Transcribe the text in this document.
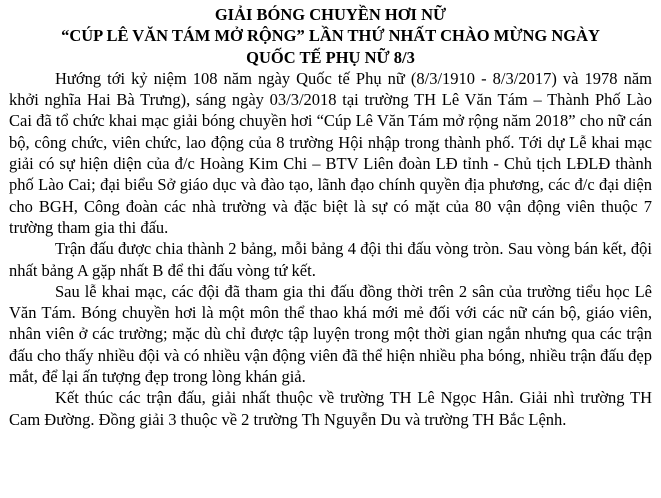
GIẢI BÓNG CHUYỀN HƠI NỮ
“CÚP LÊ VĂN TÁM MỞ RỘNG” LẦN THỨ NHẤT CHÀO MỪNG NGÀY
QUỐC TẾ PHỤ NỮ 8/3

Hướng tới kỷ niệm 108 năm ngày Quốc tế Phụ nữ (8/3/1910 - 8/3/2017) và 1978 năm khởi nghĩa Hai Bà Trưng), sáng ngày 03/3/2018 tại trường TH Lê Văn Tám – Thành Phố Lào Cai đã tổ chức khai mạc giải bóng chuyền hơi “Cúp Lê Văn Tám mở rộng năm 2018” cho nữ cán bộ, công chức, viên chức, lao động của 8 trường Hội nhập trong thành phố. Tới dự Lễ khai mạc giải có sự hiện diện của đ/c Hoàng Kim Chi – BTV Liên đoàn LĐ tỉnh - Chủ tịch LĐLĐ thành phố Lào Cai; đại biểu Sở giáo dục và đào tạo, lãnh đạo chính quyền địa phương, các đ/c đại diện cho BGH, Công đoàn các nhà trường và đặc biệt là sự có mặt của 80 vận động viên thuộc 7 trường tham gia thi đấu.

Trận đấu được chia thành 2 bảng, mỗi bảng 4 đội thi đấu vòng tròn. Sau vòng bán kết, đội nhất bảng A gặp nhất B để thi đấu vòng tứ kết.

Sau lễ khai mạc, các đội đã tham gia thi đấu đồng thời trên 2 sân của trường tiểu học Lê Văn Tám. Bóng chuyền hơi là một môn thể thao khá mới mẻ đối với các nữ cán bộ, giáo viên, nhân viên ở các trường; mặc dù chỉ được tập luyện trong một thời gian ngắn nhưng qua các trận đấu cho thấy nhiều đội và có nhiều vận động viên đã thể hiện nhiều pha bóng, nhiều trận đấu đẹp mắt, để lại ấn tượng đẹp trong lòng khán giả.

Kết thúc các trận đấu, giải nhất thuộc về trường TH Lê Ngọc Hân. Giải nhì trường TH Cam Đường. Đồng giải 3 thuộc về 2 trường Th Nguyễn Du và trường TH Bắc Lệnh.
